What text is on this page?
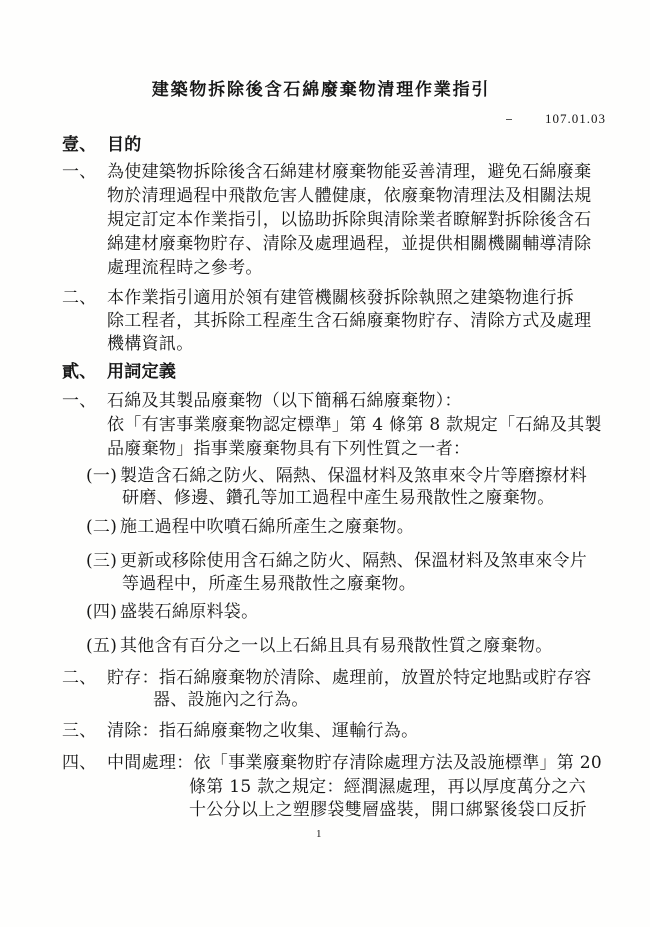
建築物拆除後含石綿廢棄物清理作業指引
107.01.03
壹、 目的
一、 為使建築物拆除後含石綿建材廢棄物能妥善清理，避免石綿廢棄
物於清理過程中飛散危害人體健康，依廢棄物清理法及相關法規
規定訂定本作業指引，以協助拆除與清除業者瞭解對拆除後含石
綿建材廢棄物貯存、清除及處理過程，並提供相關機關輔導清除
處理流程時之參考。
二、 本作業指引適用於領有建管機關核發拆除執照之建築物進行拆
除工程者，其拆除工程產生含石綿廢棄物貯存、清除方式及處理
機構資訊。
貳、 用詞定義
一、 石綿及其製品廢棄物（以下簡稱石綿廢棄物）：
依「有害事業廢棄物認定標準」第 4 條第 8 款規定「石綿及其製
品廢棄物」指事業廢棄物具有下列性質之一者：
(一) 製造含石綿之防火、隔熱、保溫材料及煞車來令片等磨擦材料
研磨、修邊、鑽孔等加工過程中產生易飛散性之廢棄物。
(二) 施工過程中吹噴石綿所產生之廢棄物。
(三) 更新或移除使用含石綿之防火、隔熱、保溫材料及煞車來令片
等過程中，所產生易飛散性之廢棄物。
(四) 盛裝石綿原料袋。
(五) 其他含有百分之一以上石綿且具有易飛散性質之廢棄物。
二、 貯存：指石綿廢棄物於清除、處理前，放置於特定地點或貯存容
器、設施內之行為。
三、 清除：指石綿廢棄物之收集、運輸行為。
四、 中間處理：依「事業廢棄物貯存清除處理方法及設施標準」第 20
條第 15 款之規定：經潤濕處理，再以厚度萬分之六
十公分以上之塑膠袋雙層盛裝，開口綁緊後袋口反折
1
